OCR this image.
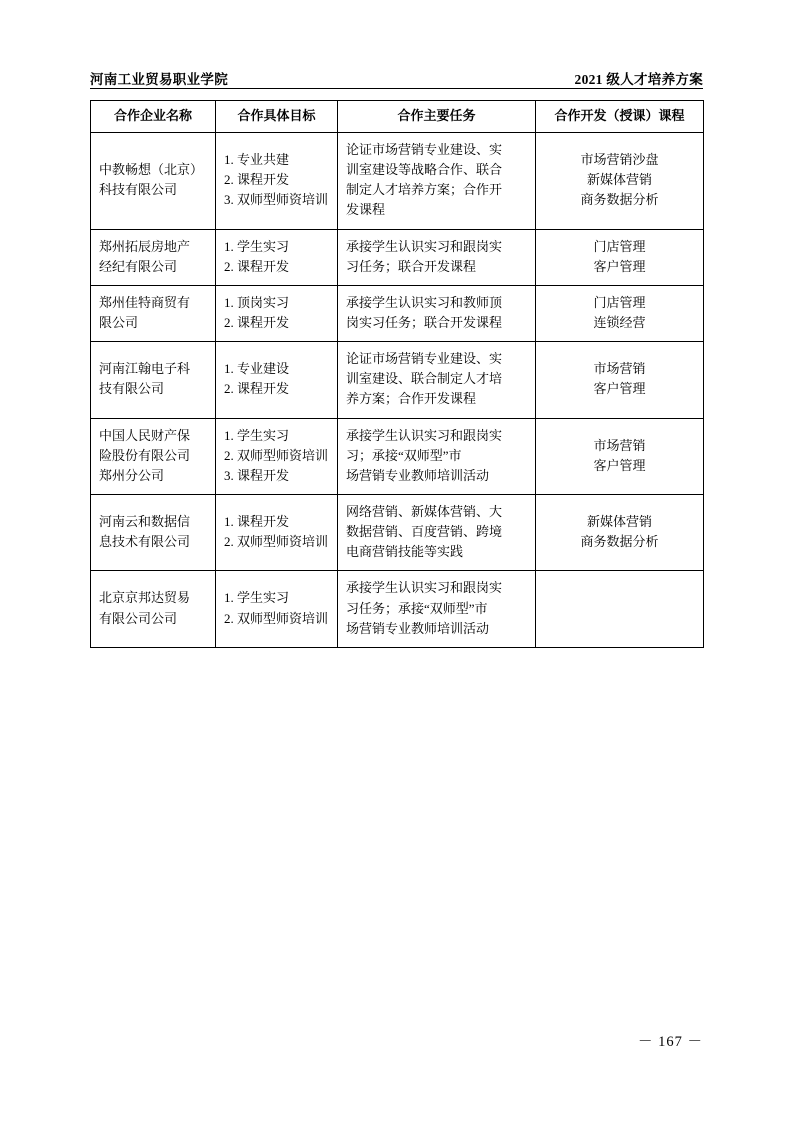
河南工业贸易职业学院	2021 级人才培养方案
合作企业名称	合作具体目标	合作主要任务	合作开发（授课）课程

中教畅想（北京）
科技有限公司	1. 专业共建
2. 课程开发
3. 双师型师资培训	论证市场营销专业建设、实
训室建设等战略合作、联合
制定人才培养方案；合作开
发课程	市场营销沙盘
新媒体营销
商务数据分析

郑州拓辰房地产
经纪有限公司	1. 学生实习
2. 课程开发	承接学生认识实习和跟岗实
习任务；联合开发课程	门店管理
客户管理

郑州佳特商贸有
限公司	1. 顶岗实习
2. 课程开发	承接学生认识实习和教师顶
岗实习任务；联合开发课程	门店管理
连锁经营

河南江翰电子科
技有限公司	1. 专业建设
2. 课程开发	论证市场营销专业建设、实
训室建设、联合制定人才培
养方案；合作开发课程	市场营销
客户管理

中国人民财产保
险股份有限公司
郑州分公司	1. 学生实习
2. 双师型师资培训
3. 课程开发	承接学生认识实习和跟岗实
习；承接“双师型”市
场营销专业教师培训活动	市场营销
客户管理

河南云和数据信
息技术有限公司	1. 课程开发
2. 双师型师资培训	网络营销、新媒体营销、大
数据营销、百度营销、跨境
电商营销技能等实践	新媒体营销
商务数据分析

北京京邦达贸易
有限公司公司	1. 学生实习
2. 双师型师资培训	承接学生认识实习和跟岗实
习任务；承接“双师型”市
场营销专业教师培训活动	

－ 167 －
